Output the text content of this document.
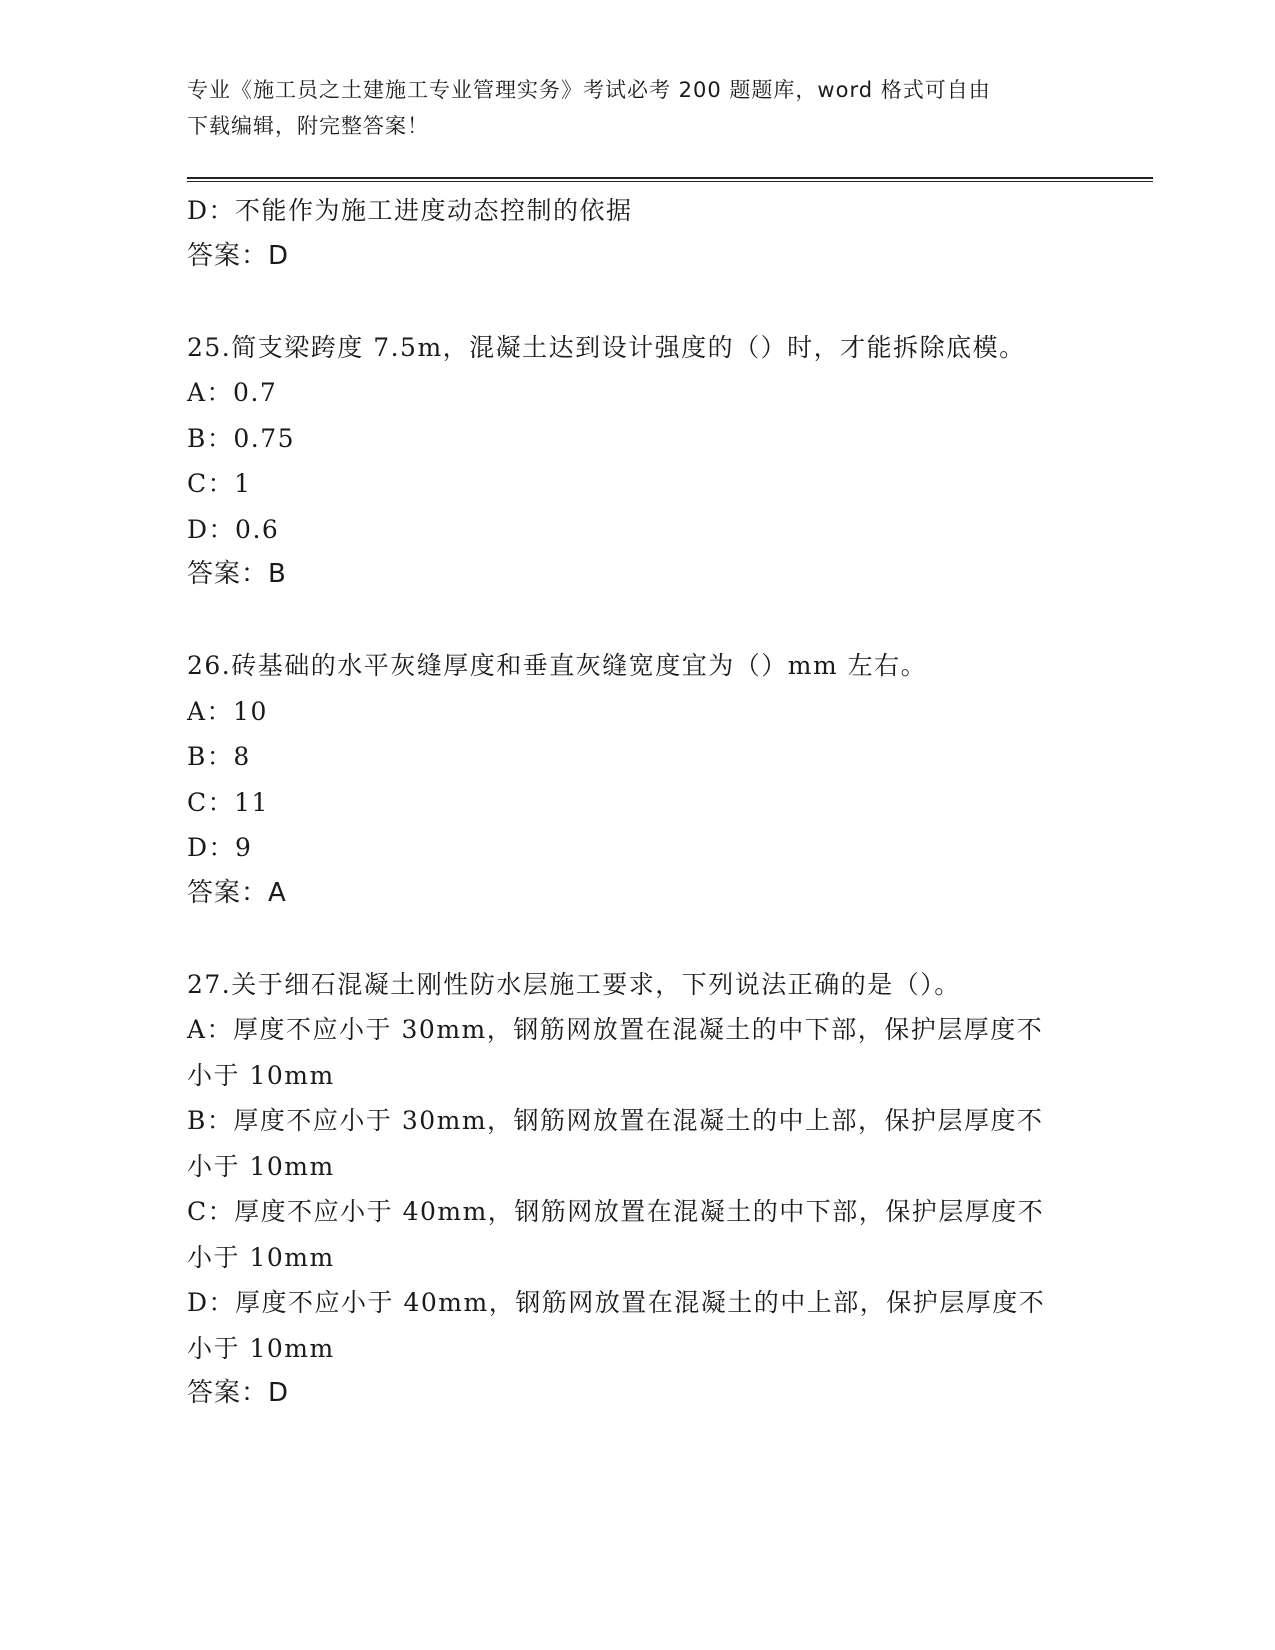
专业《施工员之土建施工专业管理实务》考试必考 200 题题库，word 格式可自由
下载编辑，附完整答案！
D：不能作为施工进度动态控制的依据
答案：D
25.简支梁跨度 7.5m，混凝土达到设计强度的（）时，才能拆除底模。
A：0.7
B：0.75
C：1
D：0.6
答案：B
26.砖基础的水平灰缝厚度和垂直灰缝宽度宜为（）mm 左右。
A：10
B：8
C：11
D：9
答案：A
27.关于细石混凝土刚性防水层施工要求，下列说法正确的是（）。
A：厚度不应小于 30mm，钢筋网放置在混凝土的中下部，保护层厚度不
小于 10mm
B：厚度不应小于 30mm，钢筋网放置在混凝土的中上部，保护层厚度不
小于 10mm
C：厚度不应小于 40mm，钢筋网放置在混凝土的中下部，保护层厚度不
小于 10mm
D：厚度不应小于 40mm，钢筋网放置在混凝土的中上部，保护层厚度不
小于 10mm
答案：D
